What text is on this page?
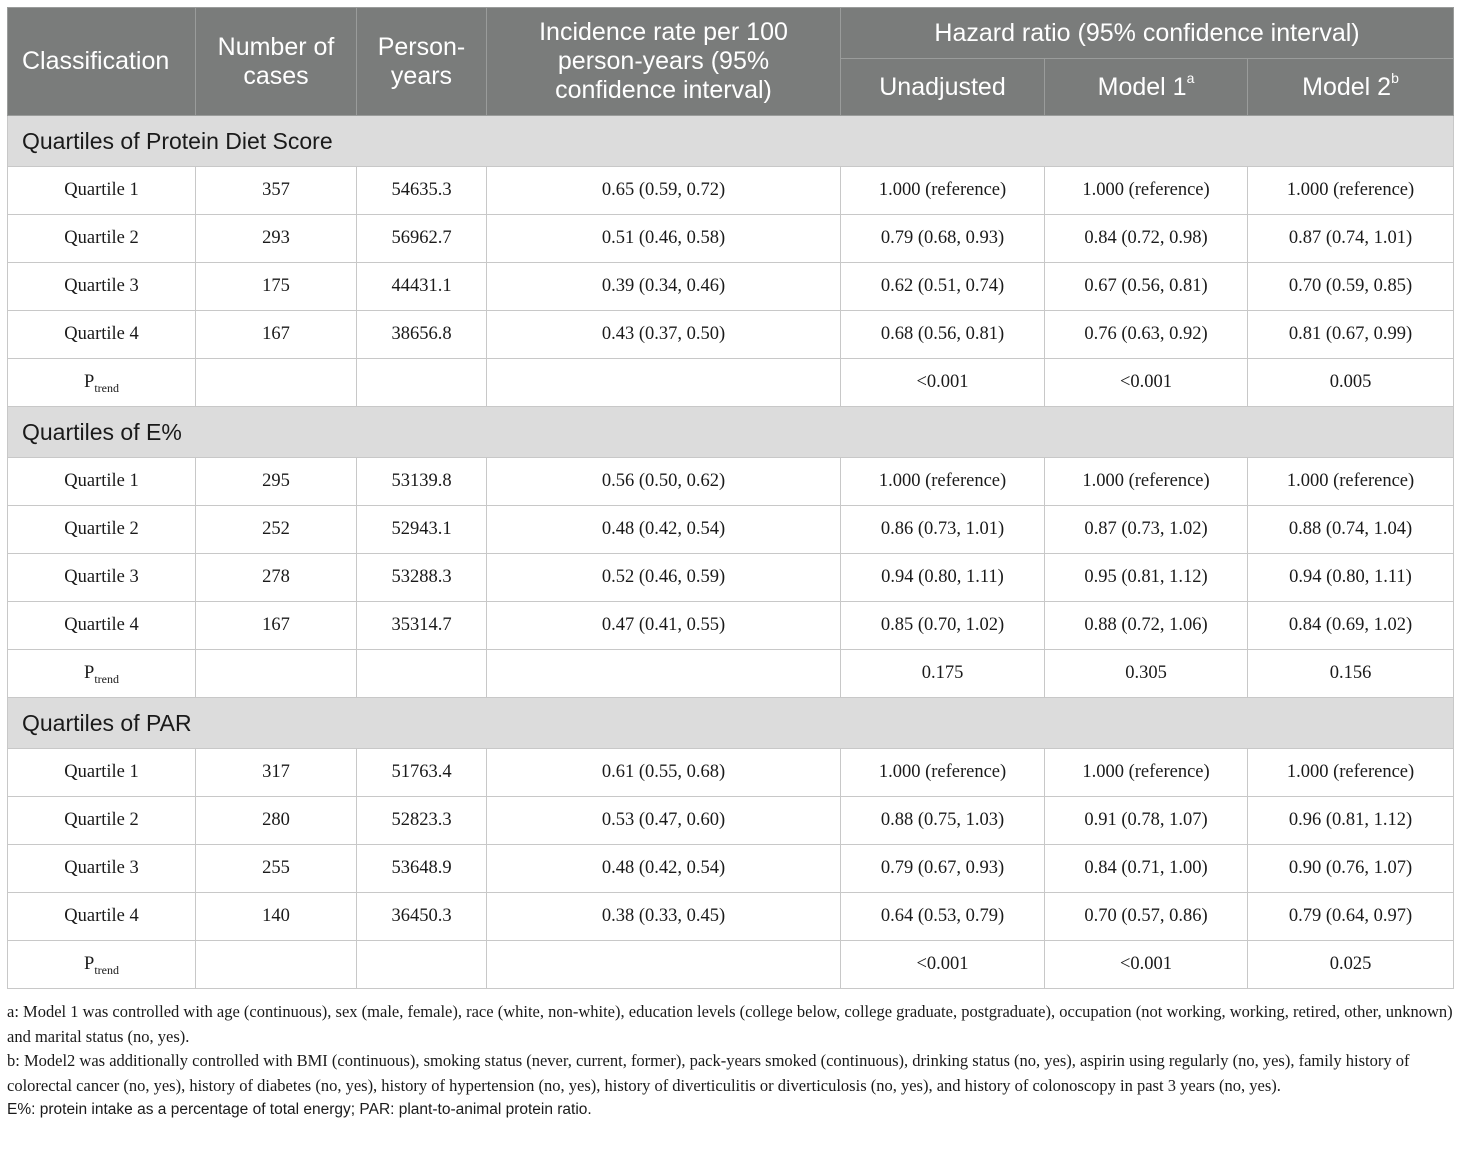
Classification	Number of cases	Person-years	Incidence rate per 100 person-years (95% confidence interval)	Hazard ratio (95% confidence interval)		
				Unadjusted	Model 1$^a$	Model 2$^b$
Quartiles of Protein Diet Score						
Quartile 1	357	54635.3	0.65 (0.59, 0.72)	1.000 (reference)	1.000 (reference)	1.000 (reference)
Quartile 2	293	56962.7	0.51 (0.46, 0.58)	0.79 (0.68, 0.93)	0.84 (0.72, 0.98)	0.87 (0.74, 1.01)
Quartile 3	175	44431.1	0.39 (0.34, 0.46)	0.62 (0.51, 0.74)	0.67 (0.56, 0.81)	0.70 (0.59, 0.85)
Quartile 4	167	38656.8	0.43 (0.37, 0.50)	0.68 (0.56, 0.81)	0.76 (0.63, 0.92)	0.81 (0.67, 0.99)
$P_{trend}$				<0.001	<0.001	0.005
Quartiles of E%						
Quartile 1	295	53139.8	0.56 (0.50, 0.62)	1.000 (reference)	1.000 (reference)	1.000 (reference)
Quartile 2	252	52943.1	0.48 (0.42, 0.54)	0.86 (0.73, 1.01)	0.87 (0.73, 1.02)	0.88 (0.74, 1.04)
Quartile 3	278	53288.3	0.52 (0.46, 0.59)	0.94 (0.80, 1.11)	0.95 (0.81, 1.12)	0.94 (0.80, 1.11)
Quartile 4	167	35314.7	0.47 (0.41, 0.55)	0.85 (0.70, 1.02)	0.88 (0.72, 1.06)	0.84 (0.69, 1.02)
$P_{trend}$				0.175	0.305	0.156
Quartiles of PAR						
Quartile 1	317	51763.4	0.61 (0.55, 0.68)	1.000 (reference)	1.000 (reference)	1.000 (reference)
Quartile 2	280	52823.3	0.53 (0.47, 0.60)	0.88 (0.75, 1.03)	0.91 (0.78, 1.07)	0.96 (0.81, 1.12)
Quartile 3	255	53648.9	0.48 (0.42, 0.54)	0.79 (0.67, 0.93)	0.84 (0.71, 1.00)	0.90 (0.76, 1.07)
Quartile 4	140	36450.3	0.38 (0.33, 0.45)	0.64 (0.53, 0.79)	0.70 (0.57, 0.86)	0.79 (0.64, 0.97)
$P_{trend}$				<0.001	<0.001	0.025

a: Model 1 was controlled with age (continuous), sex (male, female), race (white, non-white), education levels (college below, college graduate, postgraduate), occupation (not working, working, retired, other, unknown) and marital status (no, yes).

b: Model2 was additionally controlled with BMI (continuous), smoking status (never, current, former), pack-years smoked (continuous), drinking status (no, yes), aspirin using regularly (no, yes), family history of colorectal cancer (no, yes), history of diabetes (no, yes), history of hypertension (no, yes), history of diverticulitis or diverticulosis (no, yes), and history of colonoscopy in past 3 years (no, yes).

E%: protein intake as a percentage of total energy; PAR: plant-to-animal protein ratio.
